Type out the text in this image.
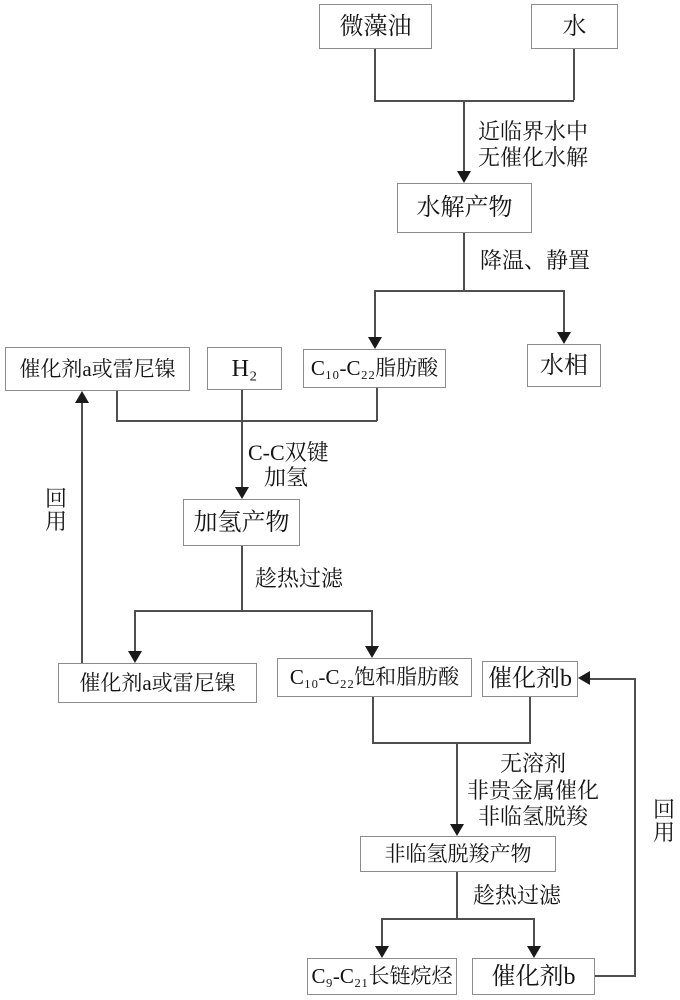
微藻油	水
水解产物
C₁₀-C₂₂脂肪酸	水相
催化剂a或雷尼镍	H₂
加氢产物
催化剂a或雷尼镍	C₁₀-C₂₂饱和脂肪酸	催化剂b
非临氢脱羧产物
C₉-C₂₁长链烷烃	催化剂b
近临界水中
无催化水解
降温、静置
C-C双键
加氢
趁热过滤
无溶剂
非贵金属催化
非临氢脱羧
趁热过滤
回用
回用
